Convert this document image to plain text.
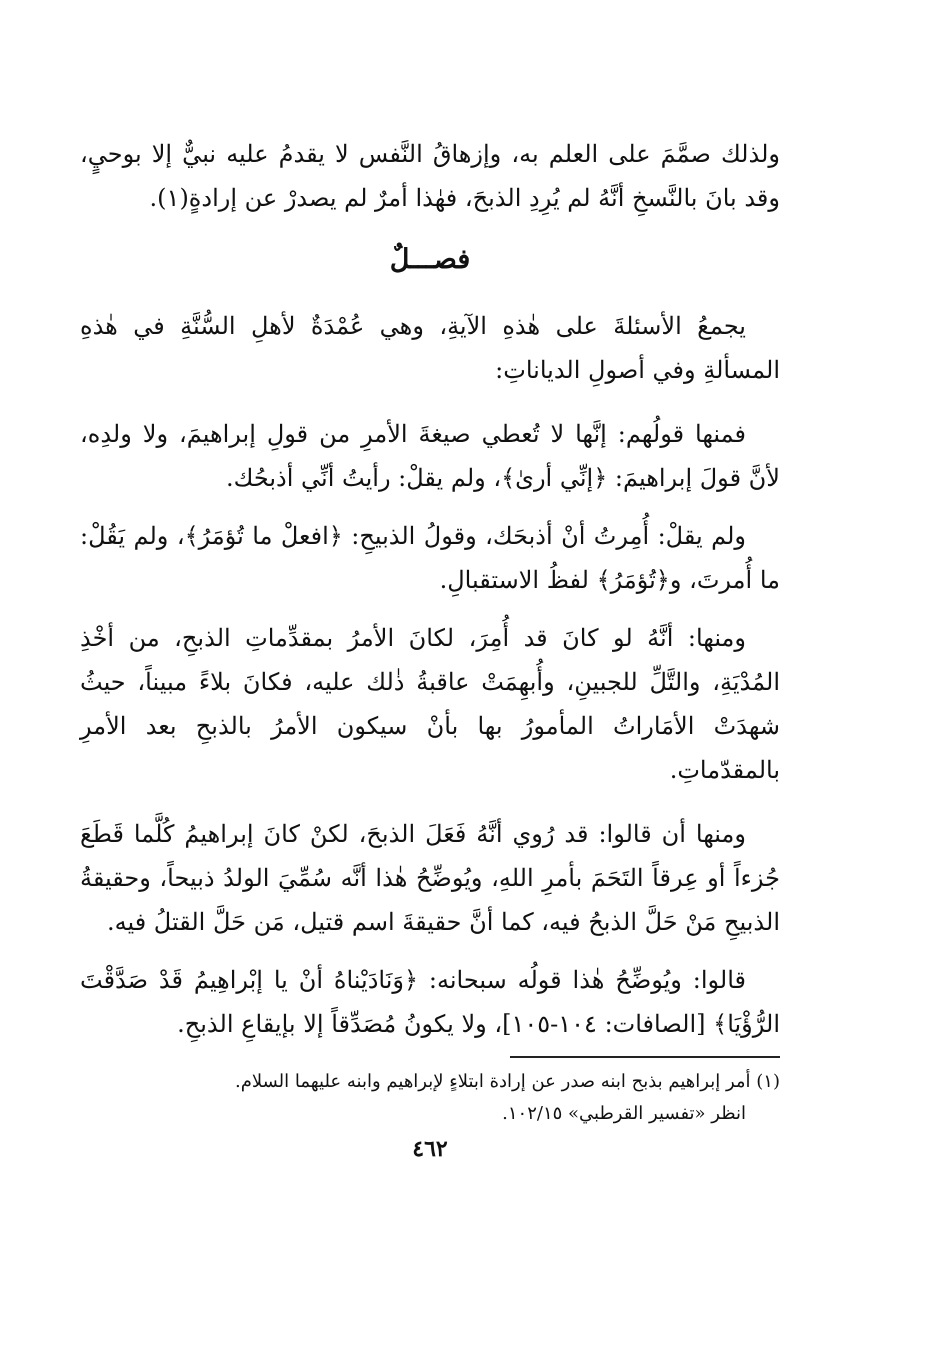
ولذلك صمَّمَ على العلم به، وإزهاقُ النَّفس لا يقدمُ عليه نبيٌّ إلا بوحيٍ، وقد بانَ بالنَّسخِ أنَّهُ لم يُرِدِ الذبحَ، فهٰذا أمرٌ لم يصدرْ عن إرادةٍ(١).

فصـــلٌ

يجمعُ الأسئلةَ على هٰذهِ الآيةِ، وهي عُمْدَةٌ لأهلِ السُّنَّةِ في هٰذهِ المسألةِ وفي أصولِ الدياناتِ:

فمنها قولُهم: إنَّها لا تُعطي صيغةَ الأمرِ من قولِ إبراهيمَ، ولا ولدِه، لأنَّ قولَ إبراهيمَ: ﴿إنِّي أرىٰ﴾، ولم يقلْ: رأيتُ أنِّي أذبحُك.

ولم يقلْ: أُمِرتُ أنْ أذبحَك، وقولُ الذبيحِ: ﴿افعلْ ما تُؤمَرُ﴾، ولم يَقُلْ: ما أُمرتَ، و﴿تُؤمَرُ﴾ لفظُ الاستقبالِ.

ومنها: أنَّهُ لو كانَ قد أُمِرَ، لكانَ الأمرُ بمقدِّماتِ الذبحِ، من أخْذِ المُدْيَةِ، والتَّلِّ للجبينِ، وأُبهِمَتْ عاقبةُ ذٰلك عليه، فكانَ بلاءً مبيناً، حيثُ شهدَتْ الأمَاراتُ المأمورُ بها بأنْ سيكون الأمرُ بالذبحِ بعد الأمرِ بالمقدّماتِ.

ومنها أن قالوا: قد رُوي أنَّهُ فَعَلَ الذبحَ، لكنْ كانَ إبراهيمُ كُلَّما قَطَعَ جُزءاً أو عِرقاً التَحَمَ بأمرِ اللهِ، ويُوضِّحُ هٰذا أنَّه سُمِّيَ الولدُ ذبيحاً، وحقيقةُ الذبيحِ مَنْ حَلَّ الذبحُ فيه، كما أنَّ حقيقةَ اسم قتيل، مَن حَلَّ القتلُ فيه.

قالوا: ويُوضِّحُ هٰذا قولُه سبحانه: ﴿وَنَادَيْناهُ أنْ يا إبْراهِيمُ قَدْ صَدَّقْتَ الرُّؤْيَا﴾ [الصافات: ١٠٤-١٠٥]، ولا يكونُ مُصَدِّقاً إلا بإيقاعِ الذبحِ.

(١) أمر إبراهيم بذبح ابنه صدر عن إرادة ابتلاءٍ لإبراهيم وابنه عليهما السلام.

انظر «تفسير القرطبي» ١٠٢/١٥.

٤٦٢
